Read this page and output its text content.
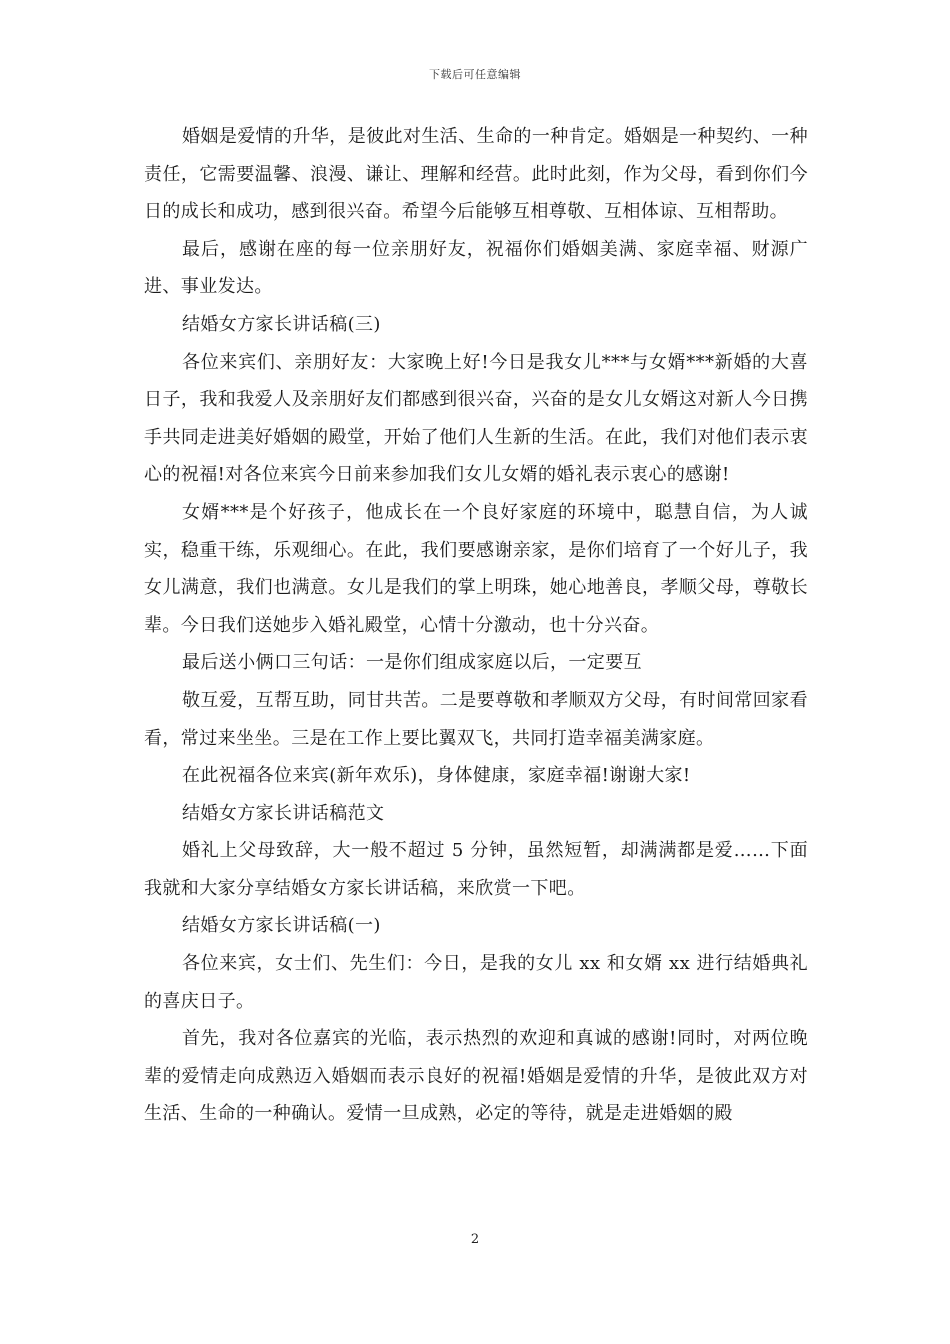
下载后可任意编辑

婚姻是爱情的升华，是彼此对生活、生命的一种肯定。婚姻是一种契约、一种责任，它需要温馨、浪漫、谦让、理解和经营。此时此刻，作为父母，看到你们今日的成长和成功，感到很兴奋。希望今后能够互相尊敬、互相体谅、互相帮助。

最后，感谢在座的每一位亲朋好友，祝福你们婚姻美满、家庭幸福、财源广进、事业发达。

结婚女方家长讲话稿(三)

各位来宾们、亲朋好友：大家晚上好!今日是我女儿***与女婿***新婚的大喜日子，我和我爱人及亲朋好友们都感到很兴奋，兴奋的是女儿女婿这对新人今日携手共同走进美好婚姻的殿堂，开始了他们人生新的生活。在此，我们对他们表示衷心的祝福!对各位来宾今日前来参加我们女儿女婿的婚礼表示衷心的感谢!

女婿***是个好孩子，他成长在一个良好家庭的环境中，聪慧自信，为人诚实，稳重干练，乐观细心。在此，我们要感谢亲家，是你们培育了一个好儿子，我女儿满意，我们也满意。女儿是我们的掌上明珠，她心地善良，孝顺父母，尊敬长辈。今日我们送她步入婚礼殿堂，心情十分激动，也十分兴奋。

最后送小俩口三句话：一是你们组成家庭以后，一定要互

敬互爱，互帮互助，同甘共苦。二是要尊敬和孝顺双方父母，有时间常回家看看，常过来坐坐。三是在工作上要比翼双飞，共同打造幸福美满家庭。

在此祝福各位来宾(新年欢乐)，身体健康，家庭幸福!谢谢大家!

结婚女方家长讲话稿范文

婚礼上父母致辞，大一般不超过 5 分钟，虽然短暂，却满满都是爱……下面我就和大家分享结婚女方家长讲话稿，来欣赏一下吧。

结婚女方家长讲话稿(一)

各位来宾，女士们、先生们：今日，是我的女儿 xx 和女婿 xx 进行结婚典礼的喜庆日子。

首先，我对各位嘉宾的光临，表示热烈的欢迎和真诚的感谢!同时，对两位晚辈的爱情走向成熟迈入婚姻而表示良好的祝福!婚姻是爱情的升华，是彼此双方对生活、生命的一种确认。爱情一旦成熟，必定的等待，就是走进婚姻的殿

2
